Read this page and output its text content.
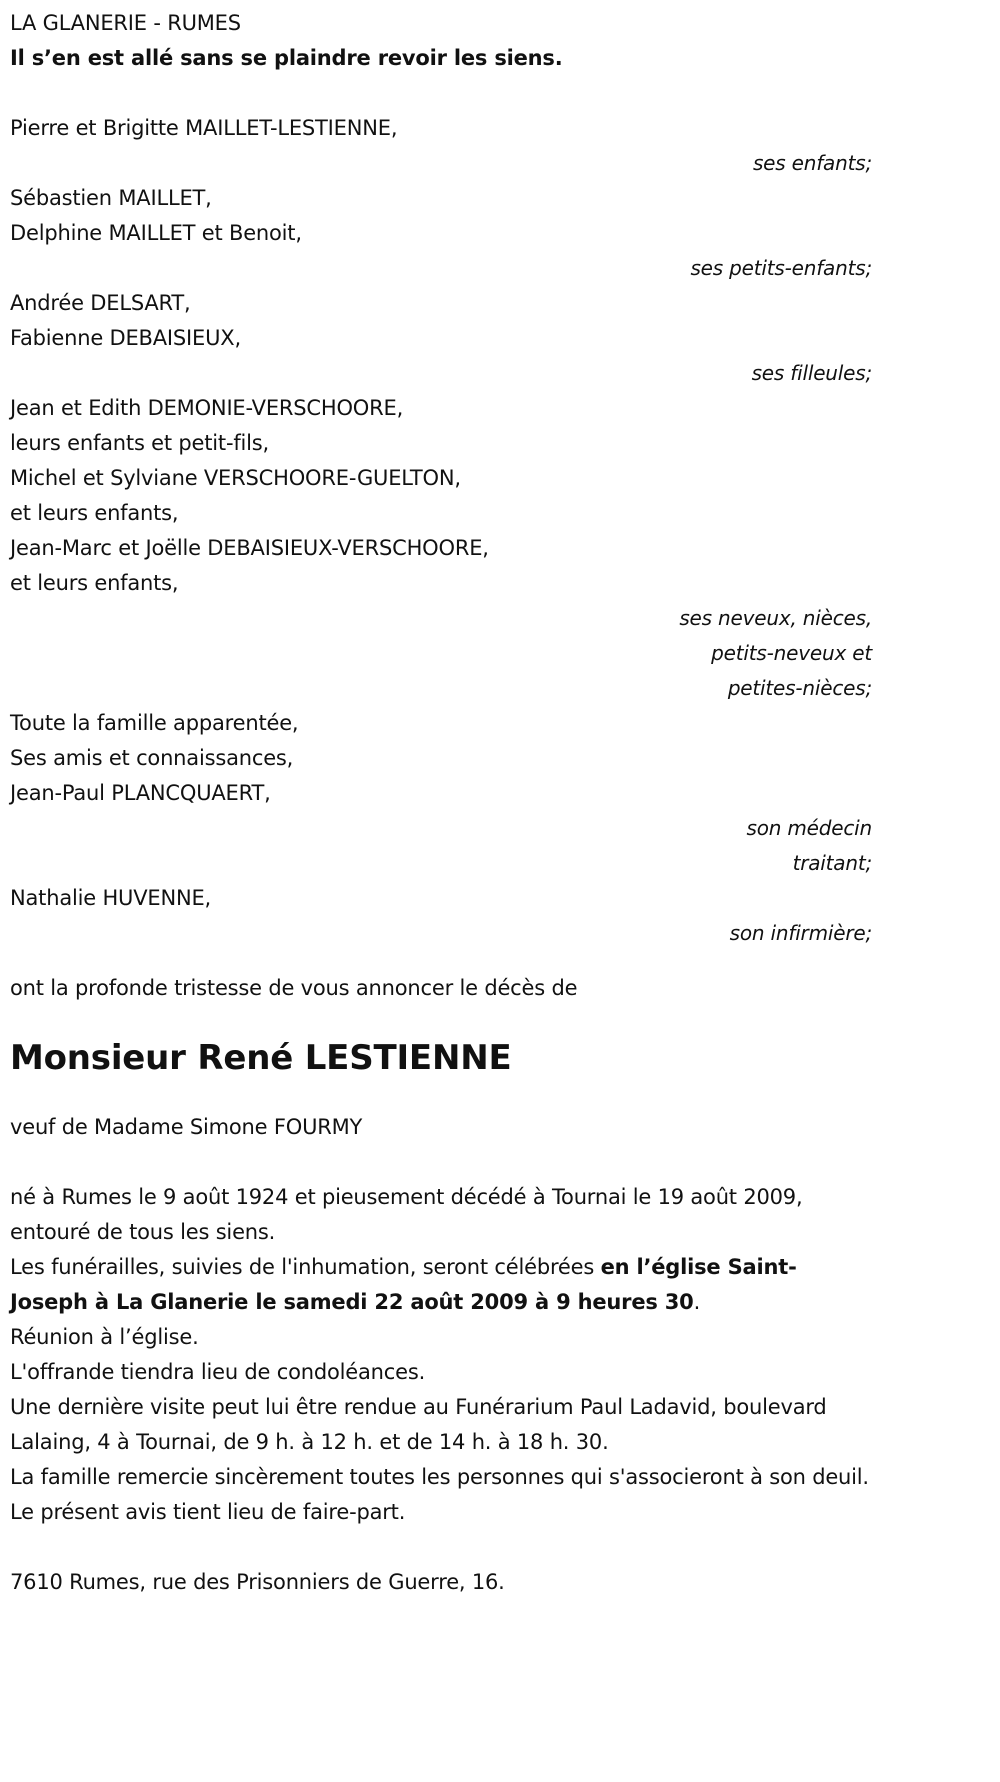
LA GLANERIE - RUMES
Il s’en est allé sans se plaindre revoir les siens.
Pierre et Brigitte MAILLET-LESTIENNE,
ses enfants;
Sébastien MAILLET,
Delphine MAILLET et Benoit,
ses petits-enfants;
Andrée DELSART,
Fabienne DEBAISIEUX,
ses filleules;
Jean et Edith DEMONIE-VERSCHOORE,
leurs enfants et petit-fils,
Michel et Sylviane VERSCHOORE-GUELTON,
et leurs enfants,
Jean-Marc et Joëlle DEBAISIEUX-VERSCHOORE,
et leurs enfants,
ses neveux, nièces,
petits-neveux et
petites-nièces;
Toute la famille apparentée,
Ses amis et connaissances,
Jean-Paul PLANCQUAERT,
son médecin
traitant;
Nathalie HUVENNE,
son infirmière;
ont la profonde tristesse de vous annoncer le décès de
Monsieur René LESTIENNE
veuf de Madame Simone FOURMY
né à Rumes le 9 août 1924 et pieusement décédé à Tournai le 19 août 2009, entouré de tous les siens.
Les funérailles, suivies de l'inhumation, seront célébrées en l’église Saint-Joseph à La Glanerie le samedi 22 août 2009 à 9 heures 30.
Réunion à l’église.
L'offrande tiendra lieu de condoléances.
Une dernière visite peut lui être rendue au Funérarium Paul Ladavid, boulevard Lalaing, 4 à Tournai, de 9 h. à 12 h. et de 14 h. à 18 h. 30.
La famille remercie sincèrement toutes les personnes qui s'associeront à son deuil.
Le présent avis tient lieu de faire-part.
7610 Rumes, rue des Prisonniers de Guerre, 16.
